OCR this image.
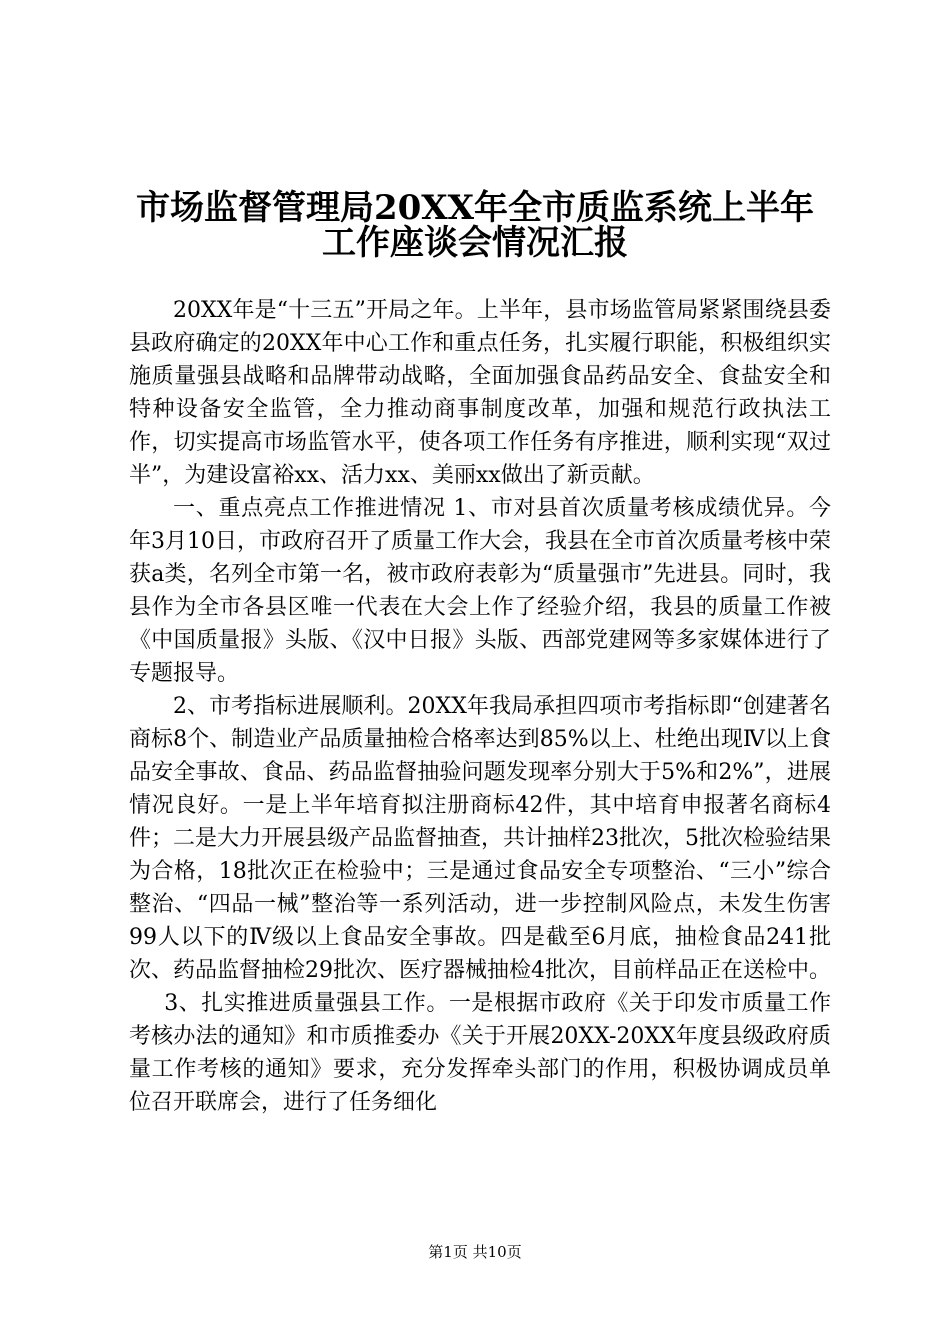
市场监督管理局20XX年全市质监系统上半年
工作座谈会情况汇报

20XX年是“十三五”开局之年。上半年，县市场监管局紧紧围绕县委县政府确定的20XX年中心工作和重点任务，扎实履行职能，积极组织实施质量强县战略和品牌带动战略，全面加强食品药品安全、食盐安全和特种设备安全监管，全力推动商事制度改革，加强和规范行政执法工作，切实提高市场监管水平，使各项工作任务有序推进，顺利实现“双过半”，为建设富裕xx、活力xx、美丽xx做出了新贡献。

一、重点亮点工作推进情况 1、市对县首次质量考核成绩优异。今年3月10日，市政府召开了质量工作大会，我县在全市首次质量考核中荣获a类，名列全市第一名，被市政府表彰为“质量强市”先进县。同时，我县作为全市各县区唯一代表在大会上作了经验介绍，我县的质量工作被《中国质量报》头版、《汉中日报》头版、西部党建网等多家媒体进行了专题报导。

2、市考指标进展顺利。20XX年我局承担四项市考指标即“创建著名商标8个、制造业产品质量抽检合格率达到85%以上、杜绝出现Ⅳ以上食品安全事故、食品、药品监督抽验问题发现率分别大于5%和2%”，进展情况良好。一是上半年培育拟注册商标42件，其中培育申报著名商标4件；二是大力开展县级产品监督抽查，共计抽样23批次，5批次检验结果为合格，18批次正在检验中；三是通过食品安全专项整治、“三小”综合整治、“四品一械”整治等一系列活动，进一步控制风险点，未发生伤害99人以下的Ⅳ级以上食品安全事故。四是截至6月底，抽检食品241批次、药品监督抽检29批次、医疗器械抽检4批次，目前样品正在送检中。

3、扎实推进质量强县工作。一是根据市政府《关于印发市质量工作考核办法的通知》和市质推委办《关于开展20XX-20XX年度县级政府质量工作考核的通知》要求，充分发挥牵头部门的作用，积极协调成员单位召开联席会，进行了任务细化

第1页 共10页
